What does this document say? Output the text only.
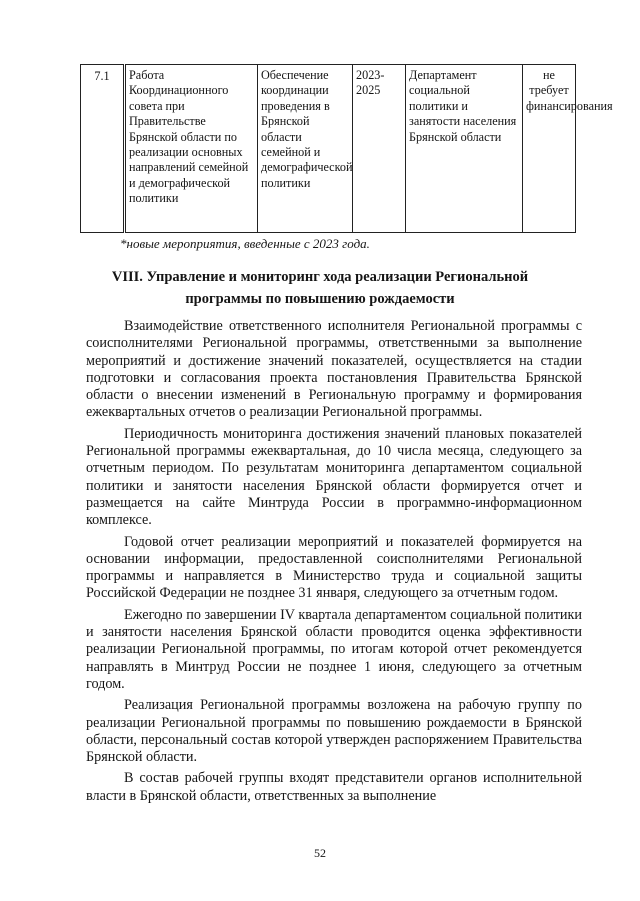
7.1	Работа Координационного совета при Правительстве Брянской области по реализации основных направлений семейной и демографической политики	Обеспечение координации проведения в Брянской области семейной и демографической политики	2023-2025	Департамент социальной политики и занятости населения Брянской области	не требует финансирования
*новые мероприятия, введенные с 2023 года.
VIII. Управление и мониторинг хода реализации Региональной программы по повышению рождаемости

Взаимодействие ответственного исполнителя Региональной программы с соисполнителями Региональной программы, ответственными за выполнение мероприятий и достижение значений показателей, осуществляется на стадии подготовки и согласования проекта постановления Правительства Брянской области о внесении изменений в Региональную программу и формирования ежеквартальных отчетов о реализации Региональной программы.

Периодичность мониторинга достижения значений плановых показателей Региональной программы ежеквартальная, до 10 числа месяца, следующего за отчетным периодом. По результатам мониторинга департаментом социальной политики и занятости населения Брянской области формируется отчет и размещается на сайте Минтруда России в программно-информационном комплексе.

Годовой отчет реализации мероприятий и показателей формируется на основании информации, предоставленной соисполнителями Региональной программы и направляется в Министерство труда и социальной защиты Российской Федерации не позднее 31 января, следующего за отчетным годом.

Ежегодно по завершении IV квартала департаментом социальной политики и занятости населения Брянской области проводится оценка эффективности реализации Региональной программы, по итогам которой отчет рекомендуется направлять в Минтруд России не позднее 1 июня, следующего за отчетным годом.

Реализация Региональной программы возложена на рабочую группу по реализации Региональной программы по повышению рождаемости в Брянской области, персональный состав которой утвержден распоряжением Правительства Брянской области.

В состав рабочей группы входят представители органов исполнительной власти в Брянской области, ответственных за выполнение

52
